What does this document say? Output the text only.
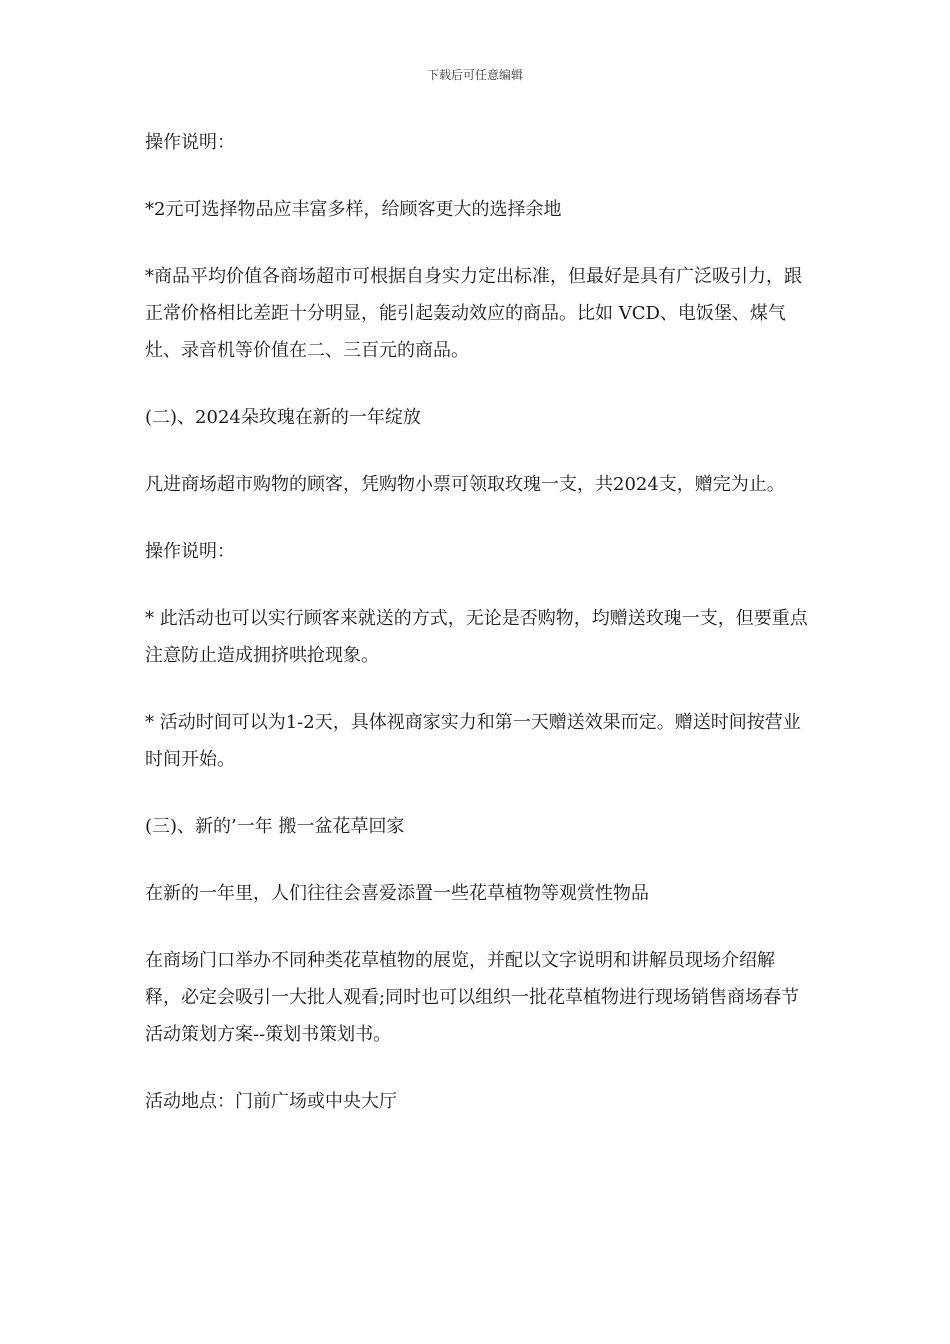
下载后可任意编辑

操作说明：

*2元可选择物品应丰富多样，给顾客更大的选择余地

*商品平均价值各商场超市可根据自身实力定出标准，但最好是具有广泛吸引力，跟正常价格相比差距十分明显，能引起轰动效应的商品。比如 VCD、电饭堡、煤气灶、录音机等价值在二、三百元的商品。

(二)、2024朵玫瑰在新的一年绽放

凡进商场超市购物的顾客，凭购物小票可领取玫瑰一支，共2024支，赠完为止。

操作说明：

* 此活动也可以实行顾客来就送的方式，无论是否购物，均赠送玫瑰一支，但要重点注意防止造成拥挤哄抢现象。

* 活动时间可以为1-2天，具体视商家实力和第一天赠送效果而定。赠送时间按营业时间开始。

(三)、新的’一年 搬一盆花草回家

在新的一年里，人们往往会喜爱添置一些花草植物等观赏性物品

在商场门口举办不同种类花草植物的展览，并配以文字说明和讲解员现场介绍解释，必定会吸引一大批人观看;同时也可以组织一批花草植物进行现场销售商场春节活动策划方案--策划书策划书。

活动地点：门前广场或中央大厅
